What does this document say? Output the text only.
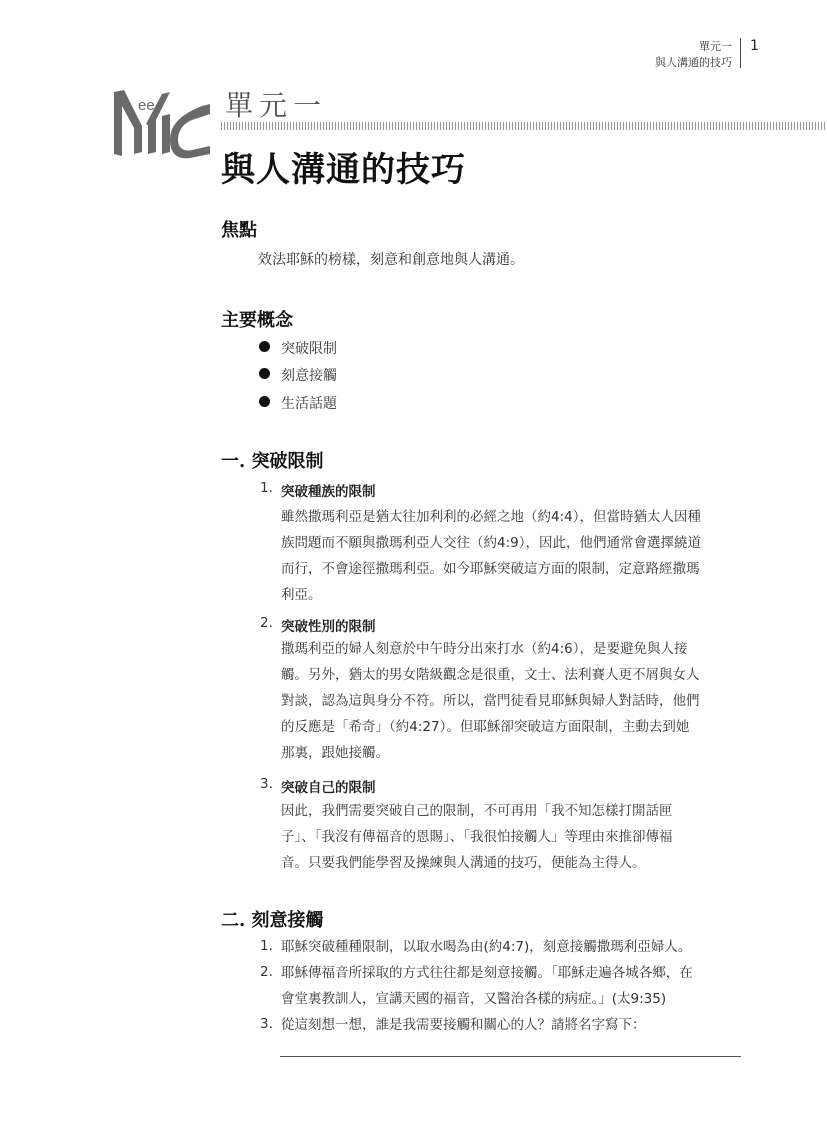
單元一
與人溝通的技巧
1
ee	單元一
與人溝通的技巧
焦點
效法耶穌的榜樣，刻意和創意地與人溝通。
主要概念
突破限制
刻意接觸
生活話題
一. 突破限制
1. 突破種族的限制
雖然撒瑪利亞是猶太往加利利的必經之地（約4:4），但當時猶太人因種
族問題而不願與撒瑪利亞人交往（約4:9），因此，他們通常會選擇繞道
而行，不會途徑撒瑪利亞。如今耶穌突破這方面的限制，定意路經撒瑪
利亞。
2. 突破性別的限制
撒瑪利亞的婦人刻意於中午時分出來打水（約4:6），是要避免與人接
觸。另外，猶太的男女階級觀念是很重，文士、法利賽人更不屑與女人
對談，認為這與身分不符。所以，當門徒看見耶穌與婦人對話時，他們
的反應是「希奇」（約4:27）。但耶穌卻突破這方面限制，主動去到她
那裏，跟她接觸。
3. 突破自己的限制
因此，我們需要突破自己的限制，不可再用「我不知怎樣打開話匣
子」、「我沒有傳福音的恩賜」、「我很怕接觸人」等理由來推卻傳福
音。只要我們能學習及操練與人溝通的技巧，便能為主得人。
二. 刻意接觸
1. 耶穌突破種種限制，以取水喝為由(約4:7)，刻意接觸撒瑪利亞婦人。
2. 耶穌傳福音所採取的方式往往都是刻意接觸。「耶穌走遍各城各鄉，在
會堂裏教訓人，宣講天國的福音，又醫治各樣的病症。」(太9:35)
3. 從這刻想一想，誰是我需要接觸和關心的人？請將名字寫下：
